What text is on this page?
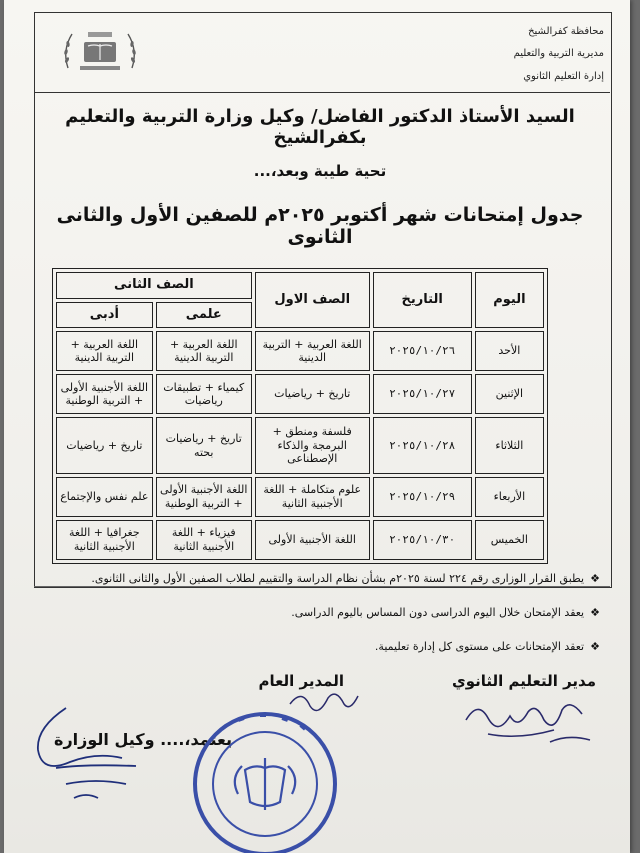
محافظة كفرالشيخ
مديرية التربية والتعليم
إدارة التعليم الثانوي
السيد الأستاذ الدكتور الفاضل/ وكيل وزارة التربية والتعليم بكفرالشيخ
تحية طيبة وبعد،...
جدول إمتحانات شهر أكتوبر ٢٠٢٥م للصفين الأول والثانى الثانوى
اليوم	التاريخ	الصف الاول	الصف الثانى	
			علمى	أدبى
الأحد	٢٠٢٥/١٠/٢٦	اللغة العربية + التربية الدينية	اللغة العربية + التربية الدينية	اللغة العربية + التربية الدينية
الإثنين	٢٠٢٥/١٠/٢٧	تاريخ + رياضيات	كيمياء + تطبيقات رياضيات	اللغة الأجنبية الأولى + التربية الوطنية
الثلاثاء	٢٠٢٥/١٠/٢٨	فلسفة ومنطق + البرمجة والذكاء الإصطناعى	تاريخ + رياضيات بحته	تاريخ + رياضيات
الأربعاء	٢٠٢٥/١٠/٢٩	علوم متكاملة + اللغة الأجنبية الثانية	اللغة الأجنبية الأولى + التربية الوطنية	علم نفس والإجتماع
الخميس	٢٠٢٥/١٠/٣٠	اللغة الأجنبية الأولى	فيزياء + اللغة الأجنبية الثانية	جغرافيا + اللغة الأجنبية الثانية
❖يطبق القرار الوزارى رقم ٢٢٤ لسنة ٢٠٢٥م بشأن نظام الدراسة والتقييم لطلاب الصفين الأول والثانى الثانوى.
❖يعقد الإمتحان خلال اليوم الدراسى دون المساس باليوم الدراسى.
❖تعقد الإمتحانات على مستوى كل إدارة تعليمية.
مدير التعليم الثانوي
المدير العام
يعتمد،.... وكيل الوزارة
